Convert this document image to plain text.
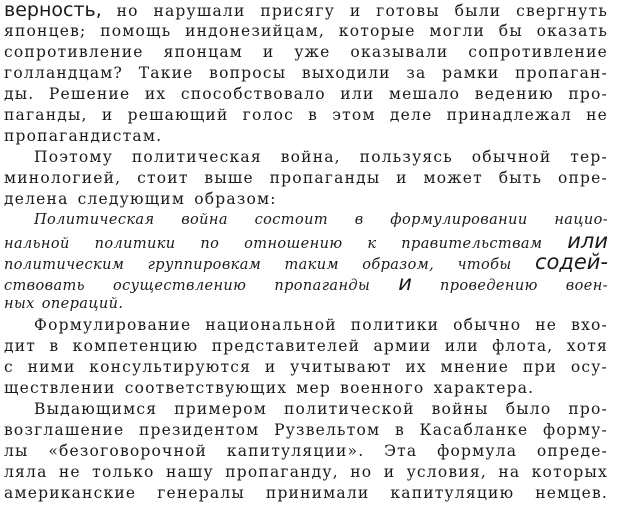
верность, но нарушали присягу и готовы были свергнуть
японцев; помощь индонезийцам, которые могли бы оказать
сопротивление японцам и уже оказывали сопротивление
голландцам? Такие вопросы выходили за рамки пропаган-
ды. Решение их способствовало или мешало ведению про-
паганды, и решающий голос в этом деле принадлежал не
пропагандистам.
Поэтому политическая война, пользуясь обычной тер-
минологией, стоит выше пропаганды и может быть опре-
делена следующим образом:
Политическая война состоит в формулировании нацио-
нальной политики по отношению к правительствам или
политическим группировкам таким образом, чтобы содей-
ствовать осуществлению пропаганды и проведению воен-
ных операций.
Формулирование национальной политики обычно не вхо-
дит в компетенцию представителей армии или флота, хотя
с ними консультируются и учитывают их мнение при осу-
ществлении соответствующих мер военного характера.
Выдающимся примером политической войны было про-
возглашение президентом Рузвельтом в Касабланке форму-
лы «безоговорочной капитуляции». Эта формула опреде-
ляла не только нашу пропаганду, но и условия, на которых
американские генералы принимали капитуляцию немцев.
